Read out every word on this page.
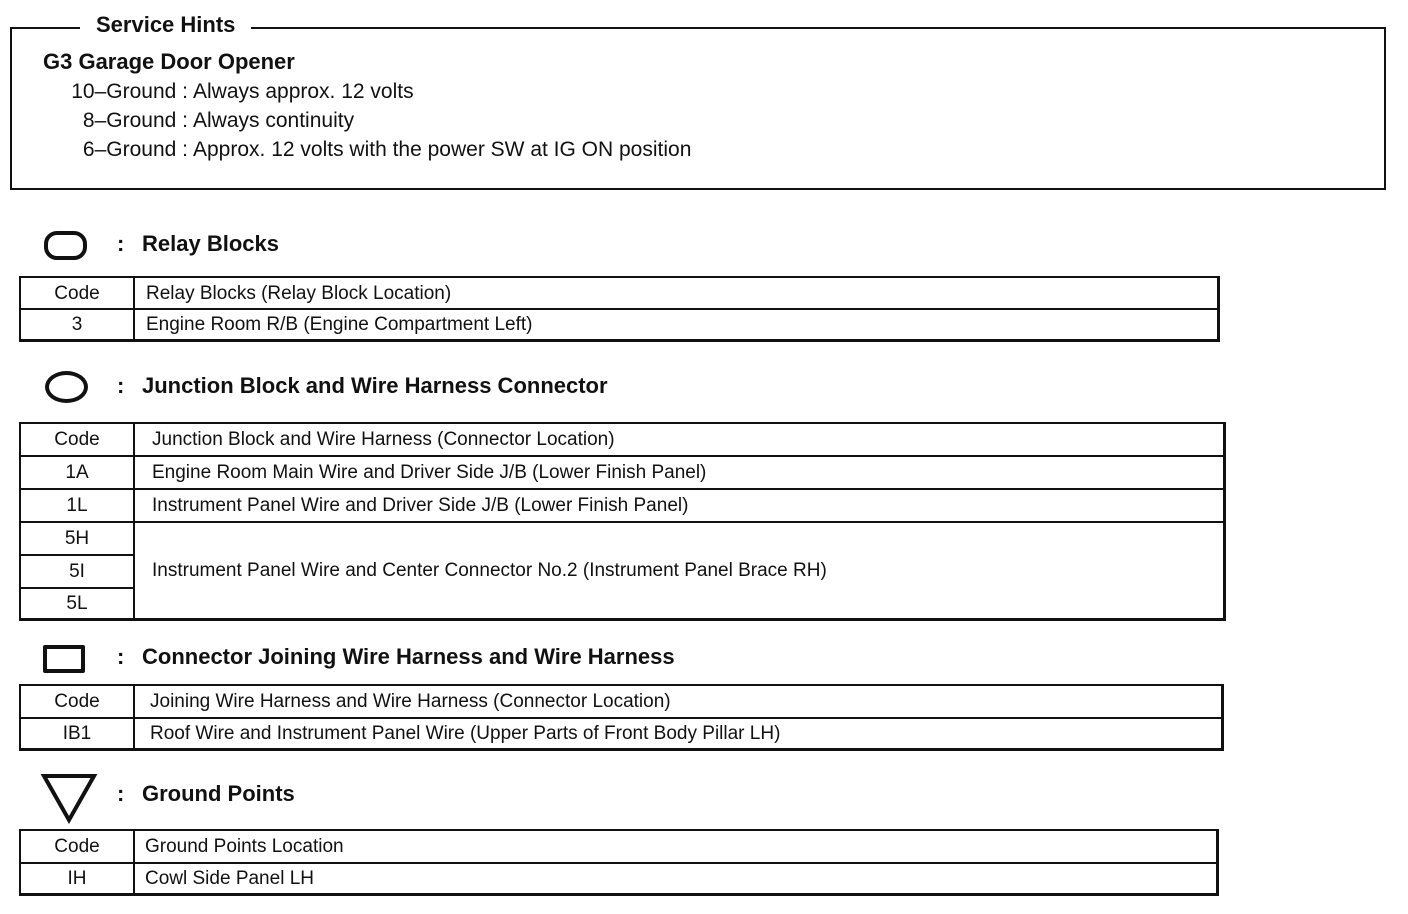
Service Hints
G3 Garage Door Opener
10–Ground : Always approx. 12 volts
8–Ground : Always continuity
6–Ground : Approx. 12 volts with the power SW at IG ON position
: Relay Blocks
Code	Relay Blocks (Relay Block Location)
3	Engine Room R/B (Engine Compartment Left)
: Junction Block and Wire Harness Connector
Code	Junction Block and Wire Harness (Connector Location)
1A	Engine Room Main Wire and Driver Side J/B (Lower Finish Panel)
1L	Instrument Panel Wire and Driver Side J/B (Lower Finish Panel)
5H	Instrument Panel Wire and Center Connector No.2 (Instrument Panel Brace RH)
5I	
5L	
: Connector Joining Wire Harness and Wire Harness
Code	Joining Wire Harness and Wire Harness (Connector Location)
IB1	Roof Wire and Instrument Panel Wire (Upper Parts of Front Body Pillar LH)
: Ground Points
Code	Ground Points Location
IH	Cowl Side Panel LH
